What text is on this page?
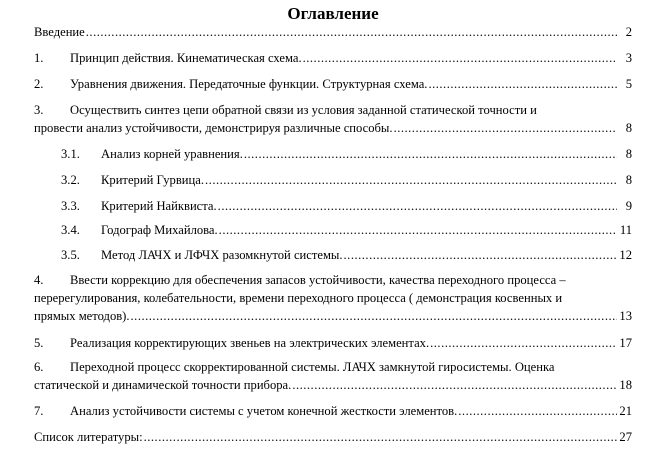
Оглавление
Введение .....	2
1.	Принцип действия. Кинематическая схема. .....	3
2.	Уравнения движения. Передаточные функции. Структурная схема. .....	5
3. Осуществить синтез цепи обратной связи из условия заданной статической точности и
провести анализ устойчивости, демонстрируя различные способы. .....	8
3.1.	Анализ корней уравнения. .....	8
3.2.	Критерий Гурвица. .....	8
3.3.	Критерий Найквиста. .....	9
3.4.	Годограф Михайлова. .....	11
3.5.	Метод ЛАЧХ и ЛФЧХ разомкнутой системы. .....	12
4. Ввести коррекцию для обеспечения запасов устойчивости, качества переходного процесса –
перерегулирования, колебательности, времени переходного процесса ( демонстрация косвенных и
прямых методов). .....	13
5.	Реализация корректирующих звеньев на электрических элементах. .....	17
6. Переходной процесс скорректированной системы. ЛАЧХ замкнутой гиросистемы. Оценка
статической и динамической точности прибора. .....	18
7.	Анализ устойчивости системы с учетом конечной жесткости элементов. .....	21
Список литературы: .....	27
